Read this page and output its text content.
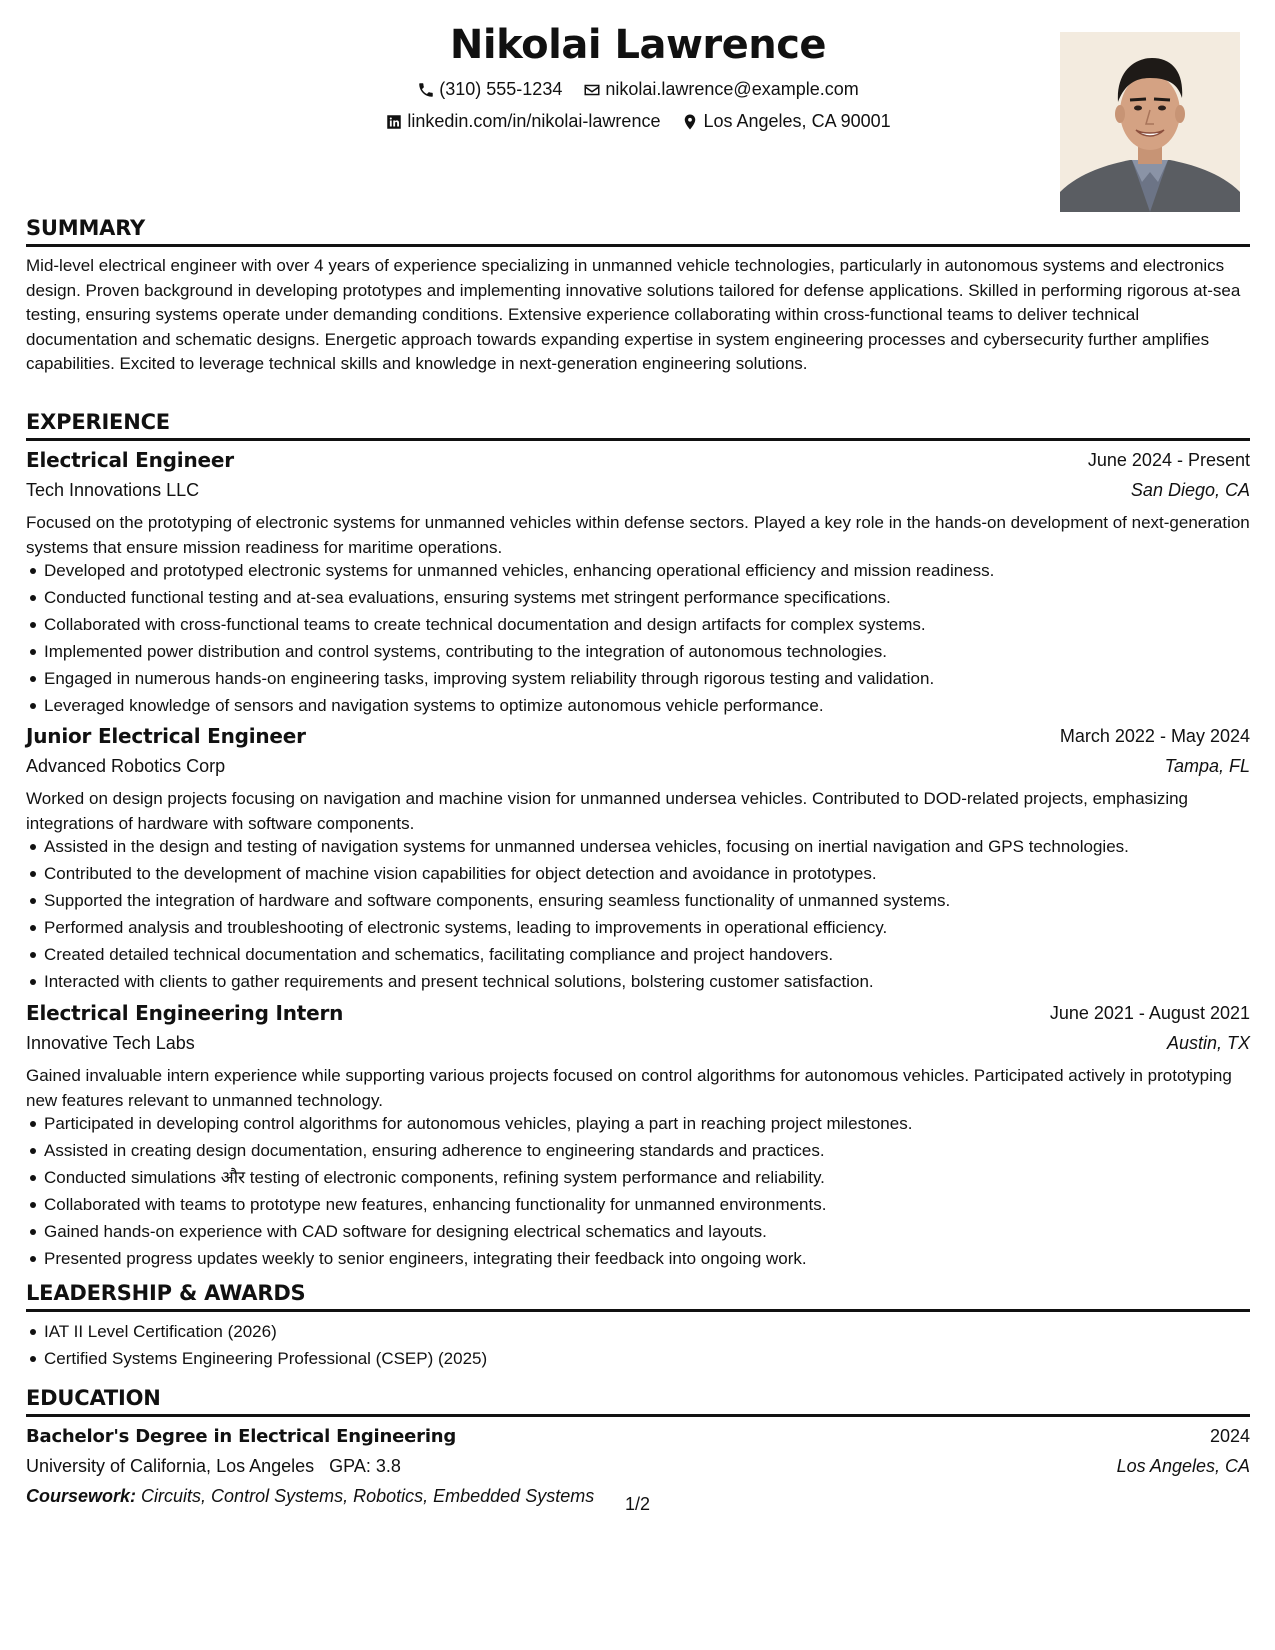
Nikolai Lawrence
(310) 555-1234
nikolai.lawrence@example.com
linkedin.com/in/nikolai-lawrence
Los Angeles, CA 90001
SUMMARY
Mid-level electrical engineer with over 4 years of experience specializing in unmanned vehicle technologies, particularly in autonomous systems and electronics design. Proven background in developing prototypes and implementing innovative solutions tailored for defense applications. Skilled in performing rigorous at-sea testing, ensuring systems operate under demanding conditions. Extensive experience collaborating within cross-functional teams to deliver technical documentation and schematic designs. Energetic approach towards expanding expertise in system engineering processes and cybersecurity further amplifies capabilities. Excited to leverage technical skills and knowledge in next-generation engineering solutions.
EXPERIENCE
Electrical Engineer	June 2024 - Present
Tech Innovations LLC	San Diego, CA
Focused on the prototyping of electronic systems for unmanned vehicles within defense sectors. Played a key role in the hands-on development of next-generation systems that ensure mission readiness for maritime operations.
Developed and prototyped electronic systems for unmanned vehicles, enhancing operational efficiency and mission readiness.
Conducted functional testing and at-sea evaluations, ensuring systems met stringent performance specifications.
Collaborated with cross-functional teams to create technical documentation and design artifacts for complex systems.
Implemented power distribution and control systems, contributing to the integration of autonomous technologies.
Engaged in numerous hands-on engineering tasks, improving system reliability through rigorous testing and validation.
Leveraged knowledge of sensors and navigation systems to optimize autonomous vehicle performance.
Junior Electrical Engineer	March 2022 - May 2024
Advanced Robotics Corp	Tampa, FL
Worked on design projects focusing on navigation and machine vision for unmanned undersea vehicles. Contributed to DOD-related projects, emphasizing integrations of hardware with software components.
Assisted in the design and testing of navigation systems for unmanned undersea vehicles, focusing on inertial navigation and GPS technologies.
Contributed to the development of machine vision capabilities for object detection and avoidance in prototypes.
Supported the integration of hardware and software components, ensuring seamless functionality of unmanned systems.
Performed analysis and troubleshooting of electronic systems, leading to improvements in operational efficiency.
Created detailed technical documentation and schematics, facilitating compliance and project handovers.
Interacted with clients to gather requirements and present technical solutions, bolstering customer satisfaction.
Electrical Engineering Intern	June 2021 - August 2021
Innovative Tech Labs	Austin, TX
Gained invaluable intern experience while supporting various projects focused on control algorithms for autonomous vehicles. Participated actively in prototyping new features relevant to unmanned technology.
Participated in developing control algorithms for autonomous vehicles, playing a part in reaching project milestones.
Assisted in creating design documentation, ensuring adherence to engineering standards and practices.
Conducted simulations और testing of electronic components, refining system performance and reliability.
Collaborated with teams to prototype new features, enhancing functionality for unmanned environments.
Gained hands-on experience with CAD software for designing electrical schematics and layouts.
Presented progress updates weekly to senior engineers, integrating their feedback into ongoing work.
LEADERSHIP & AWARDS
IAT II Level Certification (2026)
Certified Systems Engineering Professional (CSEP) (2025)
EDUCATION
Bachelor's Degree in Electrical Engineering	2024
University of California, Los Angeles GPA: 3.8	Los Angeles, CA
Coursework: Circuits, Control Systems, Robotics, Embedded Systems	1/2
